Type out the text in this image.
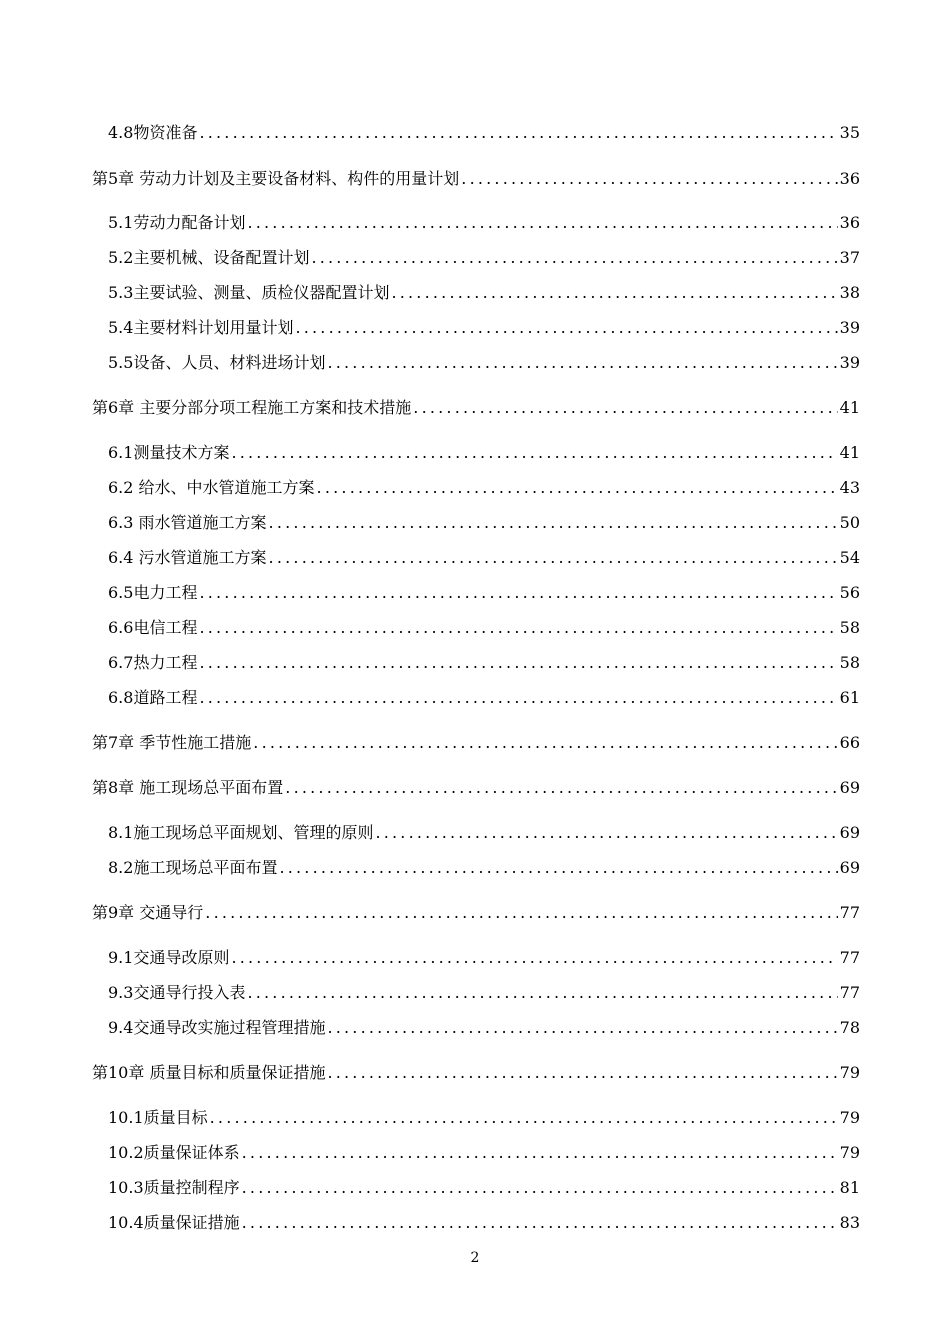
4.8物资准备 .....	35
第5章 劳动力计划及主要设备材料、构件的用量计划 .....	36
5.1劳动力配备计划 .....	36
5.2主要机械、设备配置计划 .....	37
5.3主要试验、测量、质检仪器配置计划 .....	38
5.4主要材料计划用量计划 .....	39
5.5设备、人员、材料进场计划 .....	39
第6章 主要分部分项工程施工方案和技术措施 .....	41
6.1测量技术方案 .....	41
6.2 给水、中水管道施工方案 .....	43
6.3 雨水管道施工方案 .....	50
6.4 污水管道施工方案 .....	54
6.5电力工程 .....	56
6.6电信工程 .....	58
6.7热力工程 .....	58
6.8道路工程 .....	61
第7章 季节性施工措施 .....	66
第8章 施工现场总平面布置 .....	69
8.1施工现场总平面规划、管理的原则 .....	69
8.2施工现场总平面布置 .....	69
第9章 交通导行 .....	77
9.1交通导改原则 .....	77
9.3交通导行投入表 .....	77
9.4交通导改实施过程管理措施 .....	78
第10章 质量目标和质量保证措施 .....	79
10.1质量目标 .....	79
10.2质量保证体系 .....	79
10.3质量控制程序 .....	81
10.4质量保证措施 .....	83
2
